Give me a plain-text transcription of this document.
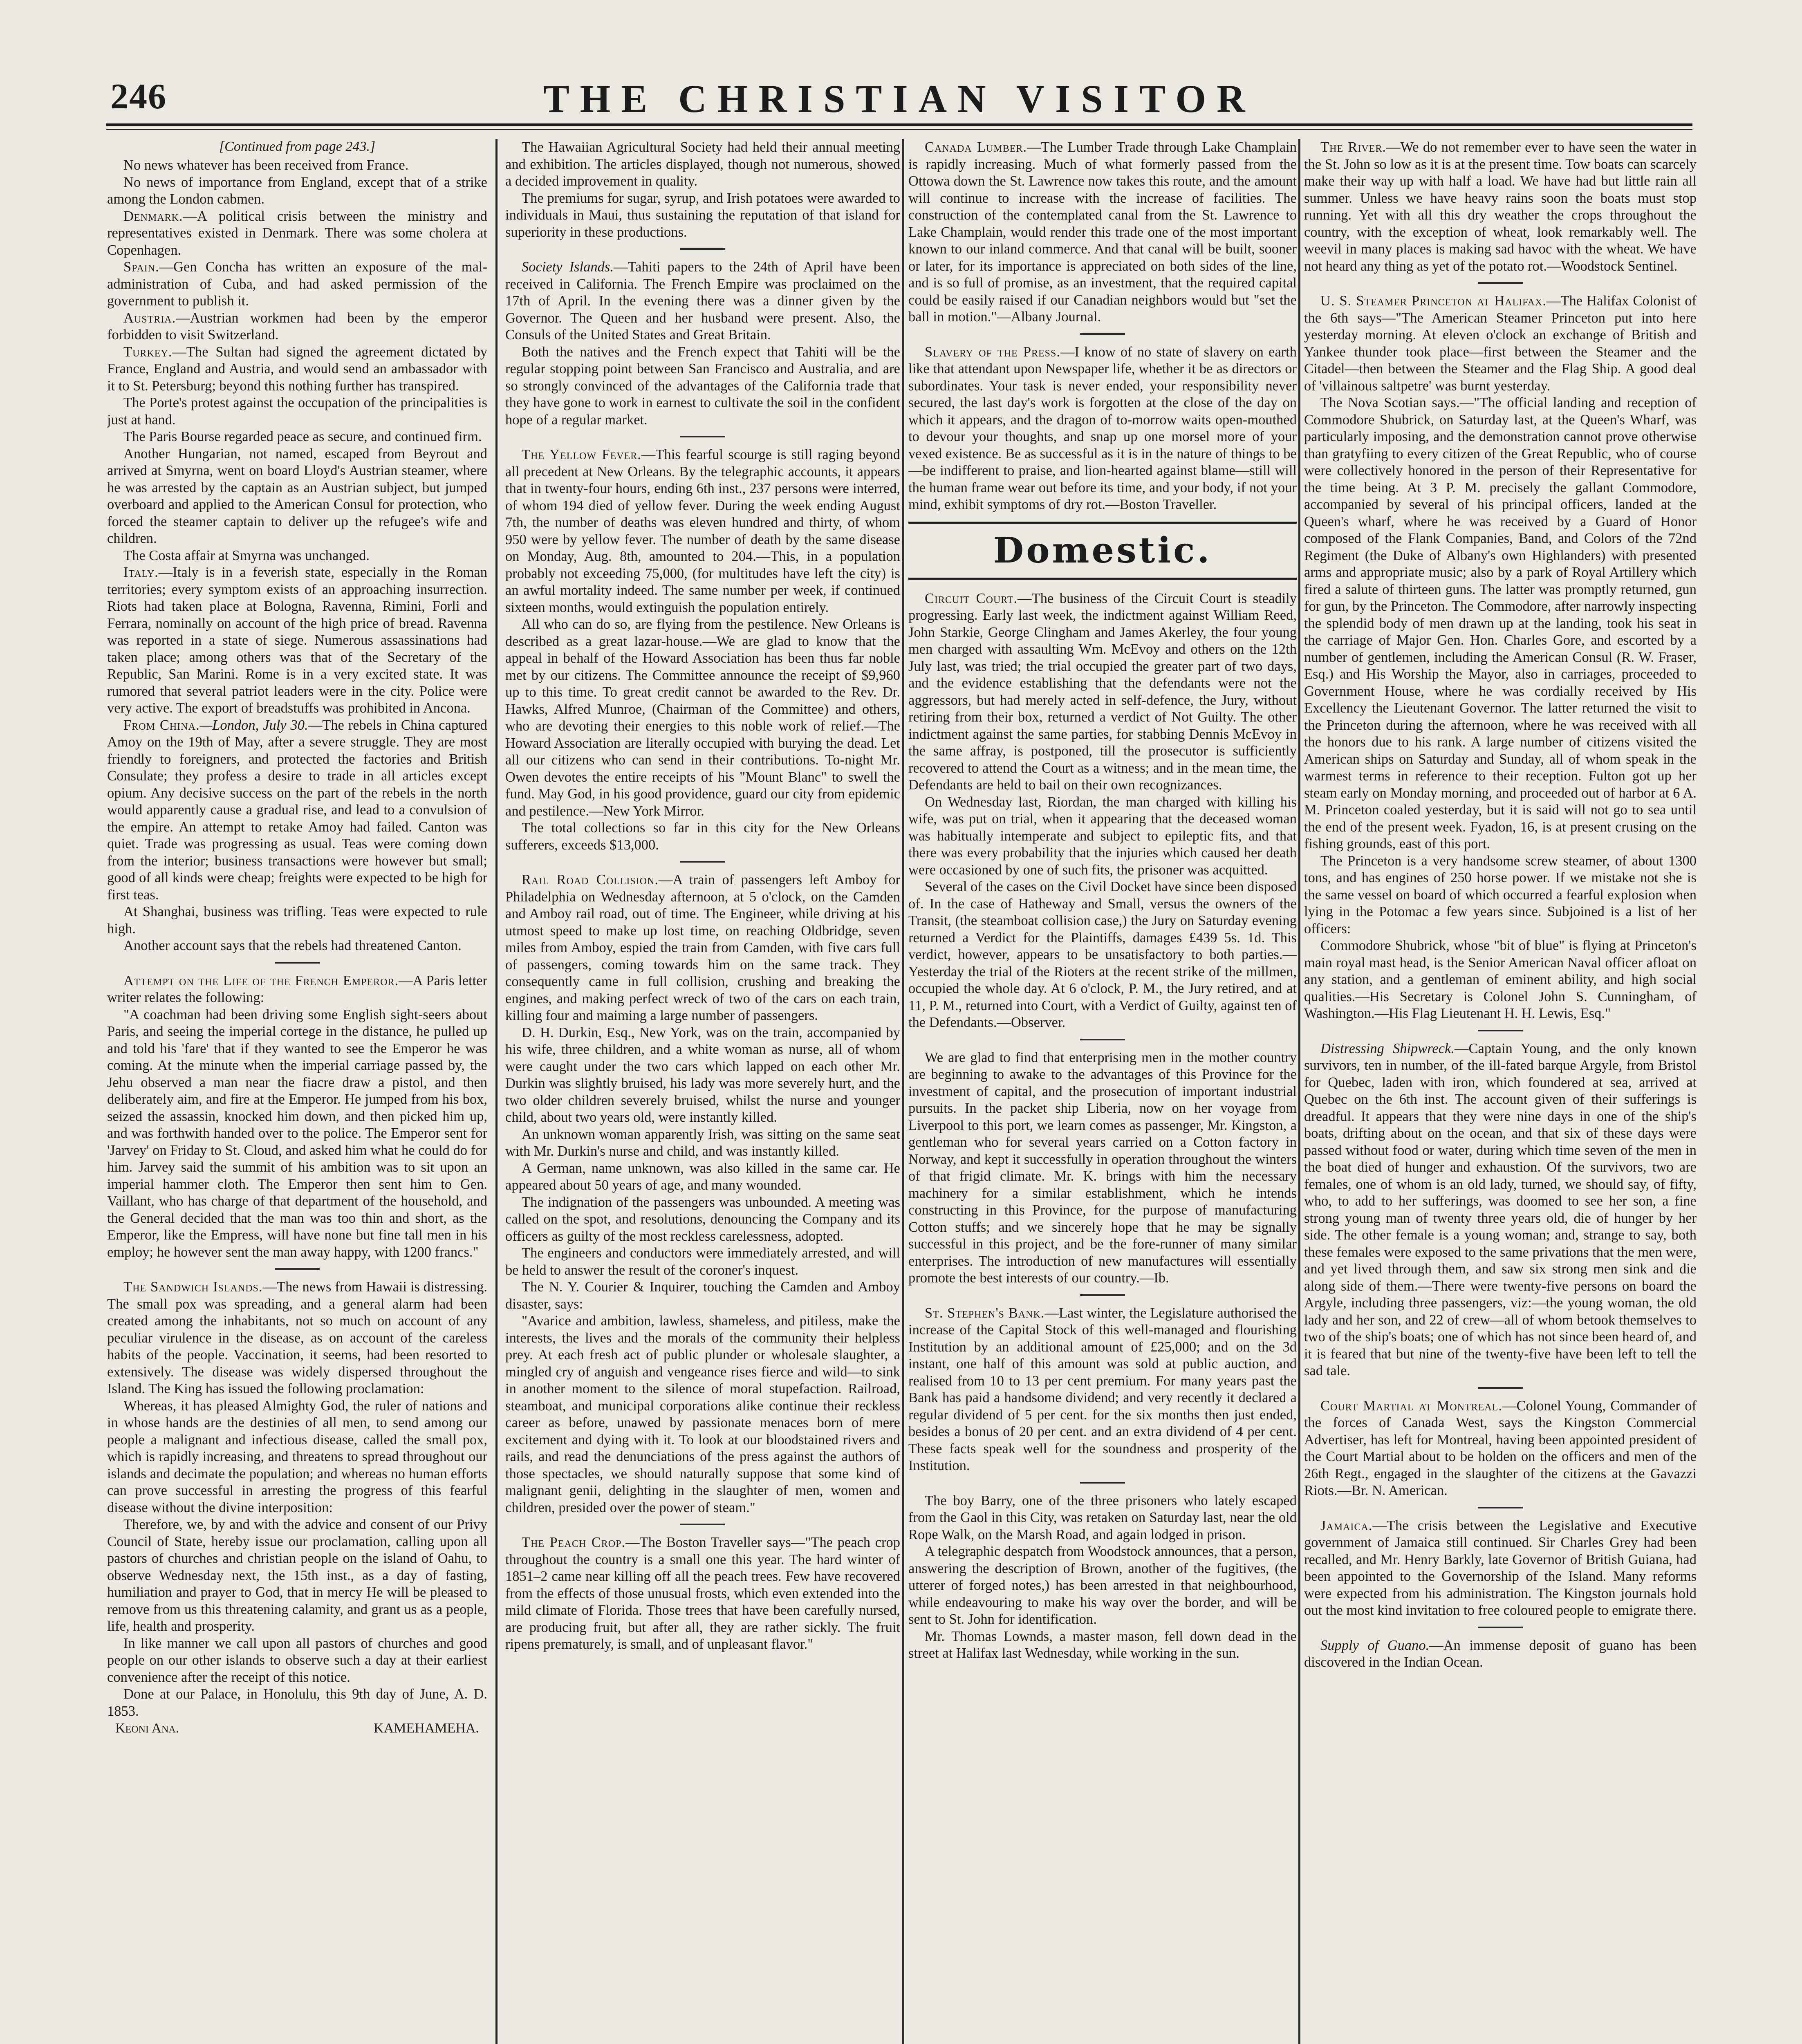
246	THE CHRISTIAN VISITOR
[Continued from page 243.]

No news whatever has been received from France.

No news of importance from England, except that of a strike among the London cabmen.

Denmark.—A political crisis between the ministry and representatives existed in Denmark. There was some cholera at Copenhagen.

Spain.—Gen Concha has written an exposure of the mal-administration of Cuba, and had asked permission of the government to publish it.

Austria.—Austrian workmen had been by the emperor forbidden to visit Switzerland.

Turkey.—The Sultan had signed the agreement dictated by France, England and Austria, and would send an ambassador with it to St. Petersburg; beyond this nothing further has transpired.

The Porte's protest against the occupation of the principalities is just at hand.

The Paris Bourse regarded peace as secure, and continued firm.

Another Hungarian, not named, escaped from Beyrout and arrived at Smyrna, went on board Lloyd's Austrian steamer, where he was arrested by the captain as an Austrian subject, but jumped overboard and applied to the American Consul for protection, who forced the steamer captain to deliver up the refugee's wife and children.

The Costa affair at Smyrna was unchanged.

Italy.—Italy is in a feverish state, especially in the Roman territories; every symptom exists of an approaching insurrection. Riots had taken place at Bologna, Ravenna, Rimini, Forli and Ferrara, nominally on account of the high price of bread. Ravenna was reported in a state of siege. Numerous assassinations had taken place; among others was that of the Secretary of the Republic, San Marini. Rome is in a very excited state. It was rumored that several patriot leaders were in the city. Police were very active. The export of breadstuffs was prohibited in Ancona.

From China.—London, July 30.—The rebels in China captured Amoy on the 19th of May, after a severe struggle. They are most friendly to foreigners, and protected the factories and British Consulate; they profess a desire to trade in all articles except opium. Any decisive success on the part of the rebels in the north would apparently cause a gradual rise, and lead to a convulsion of the empire. An attempt to retake Amoy had failed. Canton was quiet. Trade was progressing as usual. Teas were coming down from the interior; business transactions were however but small; good of all kinds were cheap; freights were expected to be high for first teas.

At Shanghai, business was trifling. Teas were expected to rule high.

Another account says that the rebels had threatened Canton.

Attempt on the Life of the French Emperor.—A Paris letter writer relates the following:

"A coachman had been driving some English sight-seers about Paris, and seeing the imperial cortege in the distance, he pulled up and told his 'fare' that if they wanted to see the Emperor he was coming. At the minute when the imperial carriage passed by, the Jehu observed a man near the fiacre draw a pistol, and then deliberately aim, and fire at the Emperor. He jumped from his box, seized the assassin, knocked him down, and then picked him up, and was forthwith handed over to the police. The Emperor sent for 'Jarvey' on Friday to St. Cloud, and asked him what he could do for him. Jarvey said the summit of his ambition was to sit upon an imperial hammer cloth. The Emperor then sent him to Gen. Vaillant, who has charge of that department of the household, and the General decided that the man was too thin and short, as the Emperor, like the Empress, will have none but fine tall men in his employ; he however sent the man away happy, with 1200 francs."

The Sandwich Islands.—The news from Hawaii is distressing. The small pox was spreading, and a general alarm had been created among the inhabitants, not so much on account of any peculiar virulence in the disease, as on account of the careless habits of the people. Vaccination, it seems, had been resorted to extensively. The disease was widely dispersed throughout the Island. The King has issued the following proclamation:

Whereas, it has pleased Almighty God, the ruler of nations and in whose hands are the destinies of all men, to send among our people a malignant and infectious disease, called the small pox, which is rapidly increasing, and threatens to spread throughout our islands and decimate the population; and whereas no human efforts can prove successful in arresting the progress of this fearful disease without the divine interposition:

Therefore, we, by and with the advice and consent of our Privy Council of State, hereby issue our proclamation, calling upon all pastors of churches and christian people on the island of Oahu, to observe Wednesday next, the 15th inst., as a day of fasting, humiliation and prayer to God, that in mercy He will be pleased to remove from us this threatening calamity, and grant us as a people, life, health and prosperity.

In like manner we call upon all pastors of churches and good people on our other islands to observe such a day at their earliest convenience after the receipt of this notice.

Done at our Palace, in Honolulu, this 9th day of June, A. D. 1853.

Keoni Ana.	KAMEHAMEHA.

The Hawaiian Agricultural Society had held their annual meeting and exhibition. The articles displayed, though not numerous, showed a decided improvement in quality.

The premiums for sugar, syrup, and Irish potatoes were awarded to individuals in Maui, thus sustaining the reputation of that island for superiority in these productions.

Society Islands.—Tahiti papers to the 24th of April have been received in California. The French Empire was proclaimed on the 17th of April. In the evening there was a dinner given by the Governor. The Queen and her husband were present. Also, the Consuls of the United States and Great Britain.

Both the natives and the French expect that Tahiti will be the regular stopping point between San Francisco and Australia, and are so strongly convinced of the advantages of the California trade that they have gone to work in earnest to cultivate the soil in the confident hope of a regular market.

The Yellow Fever.—This fearful scourge is still raging beyond all precedent at New Orleans. By the telegraphic accounts, it appears that in twenty-four hours, ending 6th inst., 237 persons were interred, of whom 194 died of yellow fever. During the week ending August 7th, the number of deaths was eleven hundred and thirty, of whom 950 were by yellow fever. The number of death by the same disease on Monday, Aug. 8th, amounted to 204.—This, in a population probably not exceeding 75,000, (for multitudes have left the city) is an awful mortality indeed. The same number per week, if continued sixteen months, would extinguish the population entirely.

All who can do so, are flying from the pestilence. New Orleans is described as a great lazar-house.—We are glad to know that the appeal in behalf of the Howard Association has been thus far noble met by our citizens. The Committee announce the receipt of $9,960 up to this time. To great credit cannot be awarded to the Rev. Dr. Hawks, Alfred Munroe, (Chairman of the Committee) and others, who are devoting their energies to this noble work of relief.—The Howard Association are literally occupied with burying the dead. Let all our citizens who can send in their contributions. To-night Mr. Owen devotes the entire receipts of his "Mount Blanc" to swell the fund. May God, in his good providence, guard our city from epidemic and pestilence.—New York Mirror.

The total collections so far in this city for the New Orleans sufferers, exceeds $13,000.

Rail Road Collision.—A train of passengers left Amboy for Philadelphia on Wednesday afternoon, at 5 o'clock, on the Camden and Amboy rail road, out of time. The Engineer, while driving at his utmost speed to make up lost time, on reaching Oldbridge, seven miles from Amboy, espied the train from Camden, with five cars full of passengers, coming towards him on the same track. They consequently came in full collision, crushing and breaking the engines, and making perfect wreck of two of the cars on each train, killing four and maiming a large number of passengers.

D. H. Durkin, Esq., New York, was on the train, accompanied by his wife, three children, and a white woman as nurse, all of whom were caught under the two cars which lapped on each other Mr. Durkin was slightly bruised, his lady was more severely hurt, and the two older children severely bruised, whilst the nurse and younger child, about two years old, were instantly killed.

An unknown woman apparently Irish, was sitting on the same seat with Mr. Durkin's nurse and child, and was instantly killed.

A German, name unknown, was also killed in the same car. He appeared about 50 years of age, and many wounded.

The indignation of the passengers was unbounded. A meeting was called on the spot, and resolutions, denouncing the Company and its officers as guilty of the most reckless carelessness, adopted.

The engineers and conductors were immediately arrested, and will be held to answer the result of the coroner's inquest.

The N. Y. Courier & Inquirer, touching the Camden and Amboy disaster, says:

"Avarice and ambition, lawless, shameless, and pitiless, make the interests, the lives and the morals of the community their helpless prey. At each fresh act of public plunder or wholesale slaughter, a mingled cry of anguish and vengeance rises fierce and wild—to sink in another moment to the silence of moral stupefaction. Railroad, steamboat, and municipal corporations alike continue their reckless career as before, unawed by passionate menaces born of mere excitement and dying with it. To look at our bloodstained rivers and rails, and read the denunciations of the press against the authors of those spectacles, we should naturally suppose that some kind of malignant genii, delighting in the slaughter of men, women and children, presided over the power of steam."

The Peach Crop.—The Boston Traveller says—"The peach crop throughout the country is a small one this year. The hard winter of 1851–2 came near killing off all the peach trees. Few have recovered from the effects of those unusual frosts, which even extended into the mild climate of Florida. Those trees that have been carefully nursed, are producing fruit, but after all, they are rather sickly. The fruit ripens prematurely, is small, and of unpleasant flavor."

Canada Lumber.—The Lumber Trade through Lake Champlain is rapidly increasing. Much of what formerly passed from the Ottowa down the St. Lawrence now takes this route, and the amount will continue to increase with the increase of facilities. The construction of the contemplated canal from the St. Lawrence to Lake Champlain, would render this trade one of the most important known to our inland commerce. And that canal will be built, sooner or later, for its importance is appreciated on both sides of the line, and is so full of promise, as an investment, that the required capital could be easily raised if our Canadian neighbors would but "set the ball in motion."—Albany Journal.

Slavery of the Press.—I know of no state of slavery on earth like that attendant upon Newspaper life, whether it be as directors or subordinates. Your task is never ended, your responsibility never secured, the last day's work is forgotten at the close of the day on which it appears, and the dragon of to-morrow waits open-mouthed to devour your thoughts, and snap up one morsel more of your vexed existence. Be as successful as it is in the nature of things to be—be indifferent to praise, and lion-hearted against blame—still will the human frame wear out before its time, and your body, if not your mind, exhibit symptoms of dry rot.—Boston Traveller.

Domestic.

Circuit Court.—The business of the Circuit Court is steadily progressing. Early last week, the indictment against William Reed, John Starkie, George Clingham and James Akerley, the four young men charged with assaulting Wm. McEvoy and others on the 12th July last, was tried; the trial occupied the greater part of two days, and the evidence establishing that the defendants were not the aggressors, but had merely acted in self-defence, the Jury, without retiring from their box, returned a verdict of Not Guilty. The other indictment against the same parties, for stabbing Dennis McEvoy in the same affray, is postponed, till the prosecutor is sufficiently recovered to attend the Court as a witness; and in the mean time, the Defendants are held to bail on their own recognizances.

On Wednesday last, Riordan, the man charged with killing his wife, was put on trial, when it appearing that the deceased woman was habitually intemperate and subject to epileptic fits, and that there was every probability that the injuries which caused her death were occasioned by one of such fits, the prisoner was acquitted.

Several of the cases on the Civil Docket have since been disposed of. In the case of Hatheway and Small, versus the owners of the Transit, (the steamboat collision case,) the Jury on Saturday evening returned a Verdict for the Plaintiffs, damages £439 5s. 1d. This verdict, however, appears to be unsatisfactory to both parties.—Yesterday the trial of the Rioters at the recent strike of the millmen, occupied the whole day. At 6 o'clock, P. M., the Jury retired, and at 11, P. M., returned into Court, with a Verdict of Guilty, against ten of the Defendants.—Observer.

We are glad to find that enterprising men in the mother country are beginning to awake to the advantages of this Province for the investment of capital, and the prosecution of important industrial pursuits. In the packet ship Liberia, now on her voyage from Liverpool to this port, we learn comes as passenger, Mr. Kingston, a gentleman who for several years carried on a Cotton factory in Norway, and kept it successfully in operation throughout the winters of that frigid climate. Mr. K. brings with him the necessary machinery for a similar establishment, which he intends constructing in this Province, for the purpose of manufacturing Cotton stuffs; and we sincerely hope that he may be signally successful in this project, and be the fore-runner of many similar enterprises. The introduction of new manufactures will essentially promote the best interests of our country.—Ib.

St. Stephen's Bank.—Last winter, the Legislature authorised the increase of the Capital Stock of this well-managed and flourishing Institution by an additional amount of £25,000; and on the 3d instant, one half of this amount was sold at public auction, and realised from 10 to 13 per cent premium. For many years past the Bank has paid a handsome dividend; and very recently it declared a regular dividend of 5 per cent. for the six months then just ended, besides a bonus of 20 per cent. and an extra dividend of 4 per cent. These facts speak well for the soundness and prosperity of the Institution.

The boy Barry, one of the three prisoners who lately escaped from the Gaol in this City, was retaken on Saturday last, near the old Rope Walk, on the Marsh Road, and again lodged in prison.

A telegraphic despatch from Woodstock announces, that a person, answering the description of Brown, another of the fugitives, (the utterer of forged notes,) has been arrested in that neighbourhood, while endeavouring to make his way over the border, and will be sent to St. John for identification.

Mr. Thomas Lownds, a master mason, fell down dead in the street at Halifax last Wednesday, while working in the sun.

The River.—We do not remember ever to have seen the water in the St. John so low as it is at the present time. Tow boats can scarcely make their way up with half a load. We have had but little rain all summer. Unless we have heavy rains soon the boats must stop running. Yet with all this dry weather the crops throughout the country, with the exception of wheat, look remarkably well. The weevil in many places is making sad havoc with the wheat. We have not heard any thing as yet of the potato rot.—Woodstock Sentinel.

U. S. Steamer Princeton at Halifax.—The Halifax Colonist of the 6th says—"The American Steamer Princeton put into here yesterday morning. At eleven o'clock an exchange of British and Yankee thunder took place—first between the Steamer and the Citadel—then between the Steamer and the Flag Ship. A good deal of 'villainous saltpetre' was burnt yesterday.

The Nova Scotian says.—"The official landing and reception of Commodore Shubrick, on Saturday last, at the Queen's Wharf, was particularly imposing, and the demonstration cannot prove otherwise than gratyfiing to every citizen of the Great Republic, who of course were collectively honored in the person of their Representative for the time being. At 3 P. M. precisely the gallant Commodore, accompanied by several of his principal officers, landed at the Queen's wharf, where he was received by a Guard of Honor composed of the Flank Companies, Band, and Colors of the 72nd Regiment (the Duke of Albany's own Highlanders) with presented arms and appropriate music; also by a park of Royal Artillery which fired a salute of thirteen guns. The latter was promptly returned, gun for gun, by the Princeton. The Commodore, after narrowly inspecting the splendid body of men drawn up at the landing, took his seat in the carriage of Major Gen. Hon. Charles Gore, and escorted by a number of gentlemen, including the American Consul (R. W. Fraser, Esq.) and His Worship the Mayor, also in carriages, proceeded to Government House, where he was cordially received by His Excellency the Lieutenant Governor. The latter returned the visit to the Princeton during the afternoon, where he was received with all the honors due to his rank. A large number of citizens visited the American ships on Saturday and Sunday, all of whom speak in the warmest terms in reference to their reception. Fulton got up her steam early on Monday morning, and proceeded out of harbor at 6 A. M. Princeton coaled yesterday, but it is said will not go to sea until the end of the present week. Fyadon, 16, is at present crusing on the fishing grounds, east of this port.

The Princeton is a very handsome screw steamer, of about 1300 tons, and has engines of 250 horse power. If we mistake not she is the same vessel on board of which occurred a fearful explosion when lying in the Potomac a few years since. Subjoined is a list of her officers:

Commodore Shubrick, whose "bit of blue" is flying at Princeton's main royal mast head, is the Senior American Naval officer afloat on any station, and a gentleman of eminent ability, and high social qualities.—His Secretary is Colonel John S. Cunningham, of Washington.—His Flag Lieutenant H. H. Lewis, Esq."

Distressing Shipwreck.—Captain Young, and the only known survivors, ten in number, of the ill-fated barque Argyle, from Bristol for Quebec, laden with iron, which foundered at sea, arrived at Quebec on the 6th inst. The account given of their sufferings is dreadful. It appears that they were nine days in one of the ship's boats, drifting about on the ocean, and that six of these days were passed without food or water, during which time seven of the men in the boat died of hunger and exhaustion. Of the survivors, two are females, one of whom is an old lady, turned, we should say, of fifty, who, to add to her sufferings, was doomed to see her son, a fine strong young man of twenty three years old, die of hunger by her side. The other female is a young woman; and, strange to say, both these females were exposed to the same privations that the men were, and yet lived through them, and saw six strong men sink and die along side of them.—There were twenty-five persons on board the Argyle, including three passengers, viz:—the young woman, the old lady and her son, and 22 of crew—all of whom betook themselves to two of the ship's boats; one of which has not since been heard of, and it is feared that but nine of the twenty-five have been left to tell the sad tale.

Court Martial at Montreal.—Colonel Young, Commander of the forces of Canada West, says the Kingston Commercial Advertiser, has left for Montreal, having been appointed president of the Court Martial about to be holden on the officers and men of the 26th Regt., engaged in the slaughter of the citizens at the Gavazzi Riots.—Br. N. American.

Jamaica.—The crisis between the Legislative and Executive government of Jamaica still continued. Sir Charles Grey had been recalled, and Mr. Henry Barkly, late Governor of British Guiana, had been appointed to the Governorship of the Island. Many reforms were expected from his administration. The Kingston journals hold out the most kind invitation to free coloured people to emigrate there.

Supply of Guano.—An immense deposit of guano has been discovered in the Indian Ocean.
